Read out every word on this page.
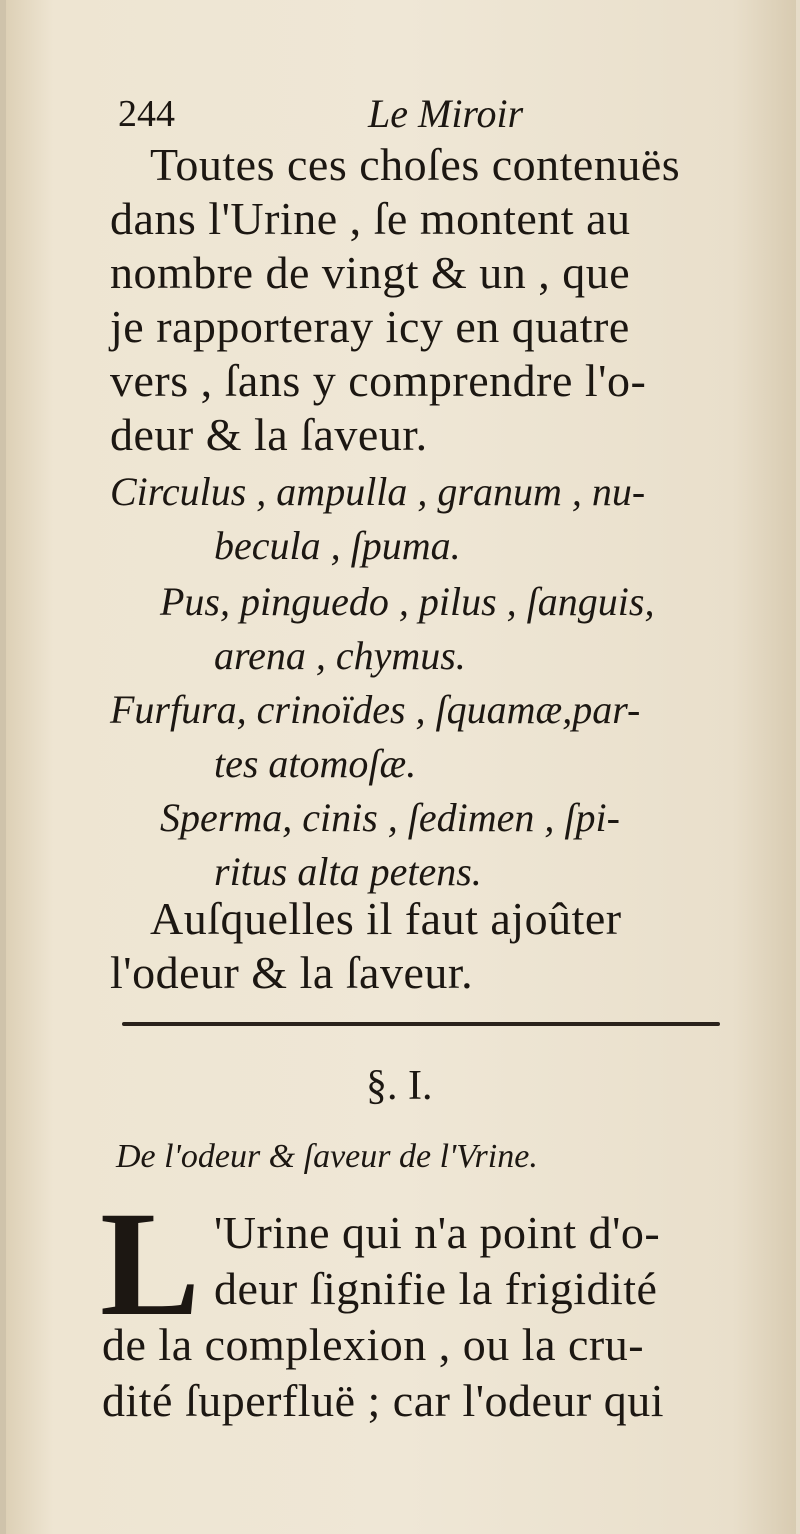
244	Le Miroir
Toutes ces choſes contenuës
dans l'Urine , ſe montent au
nombre de vingt & un , que
je rapporteray icy en quatre
vers , ſans y comprendre l'o-
deur & la ſaveur.
Circulus , ampulla , granum , nu-
becula , ſpuma.
Pus, pinguedo , pilus , ſanguis,
arena , chymus.
Furfura, crinoïdes , ſquamæ,par-
tes atomoſæ.
Sperma, cinis , ſedimen , ſpi-
ritus alta petens.
Auſquelles il faut ajoûter
l'odeur & la ſaveur.
§. I.
De l'odeur & ſaveur de l'Vrine.
L 'Urine qui n'a point d'o-
deur ſignifie la frigidité
de la complexion , ou la cru-
dité ſuperfluë ; car l'odeur qui
